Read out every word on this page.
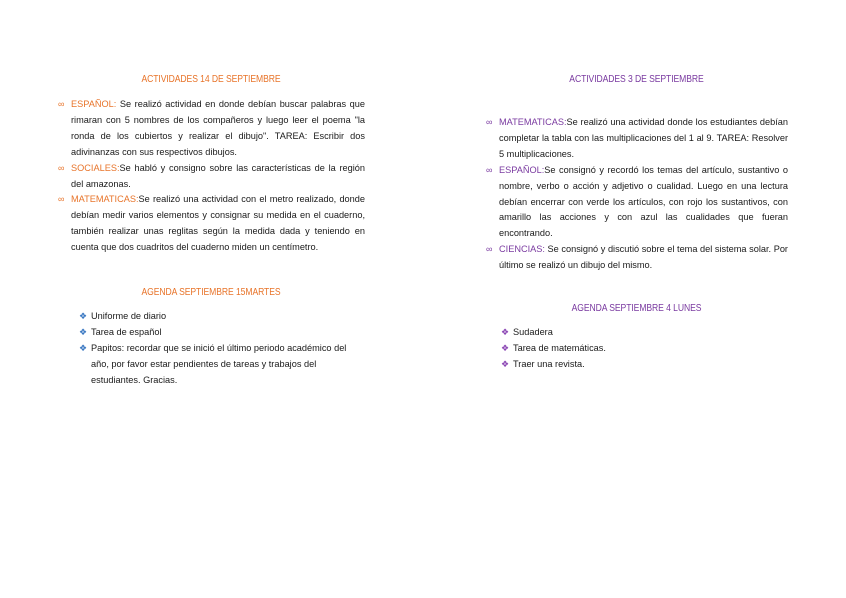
ACTIVIDADES 14 DE SEPTIEMBRE

∞ ESPAÑOL: Se realizó actividad en donde debían buscar palabras que rimaran con 5 nombres de los compañeros y luego leer el poema "la ronda de los cubiertos y realizar el dibujo". TAREA: Escribir dos adivinanzas con sus respectivos dibujos.
∞ SOCIALES:Se habló y consigno sobre las características de la región del amazonas.
∞ MATEMATICAS:Se realizó una actividad con el metro realizado, donde debían medir varios elementos y consignar su medida en el cuaderno, también realizar unas reglitas según la medida dada y teniendo en cuenta que dos cuadritos del cuaderno miden un centímetro.

AGENDA SEPTIEMBRE 15MARTES

❖ Uniforme de diario
❖ Tarea de español
❖ Papitos: recordar que se inició el último periodo académico del año, por favor estar pendientes de tareas y trabajos del estudiantes. Gracias.

ACTIVIDADES 3 DE SEPTIEMBRE

∞ MATEMATICAS:Se realizó una actividad donde los estudiantes debían completar la tabla con las multiplicaciones del 1 al 9. TAREA: Resolver 5 multiplicaciones.
∞ ESPAÑOL:Se consignó y recordó los temas del artículo, sustantivo o nombre, verbo o acción y adjetivo o cualidad. Luego en una lectura debían encerrar con verde los artículos, con rojo los sustantivos, con amarillo las acciones y con azul las cualidades que fueran encontrando.
∞ CIENCIAS: Se consignó y discutió sobre el tema del sistema solar. Por último se realizó un dibujo del mismo.

AGENDA SEPTIEMBRE 4 LUNES

❖ Sudadera
❖ Tarea de matemáticas.
❖ Traer una revista.
